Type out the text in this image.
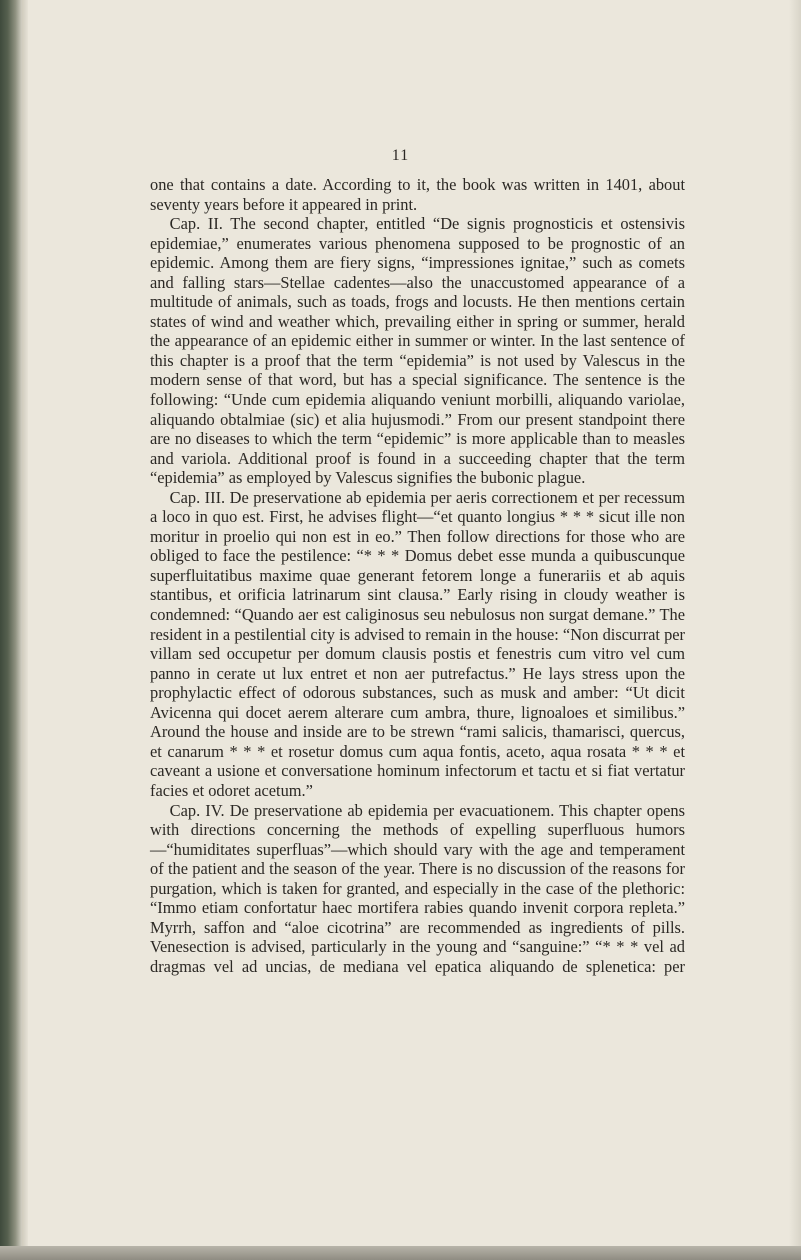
11

one that contains a date. According to it, the book was written in 1401, about seventy years before it appeared in print.

Cap. II. The second chapter, entitled “De signis prognosticis et ostensivis epidemiae,” enumerates various phenomena supposed to be prognostic of an epidemic. Among them are fiery signs, “impressiones ignitae,” such as comets and falling stars—Stellae cadentes—also the unaccustomed appearance of a multitude of animals, such as toads, frogs and locusts. He then mentions certain states of wind and weather which, prevailing either in spring or summer, herald the appearance of an epidemic either in summer or winter. In the last sentence of this chapter is a proof that the term “epidemia” is not used by Valescus in the modern sense of that word, but has a special significance. The sentence is the following: “Unde cum epidemia aliquando veniunt morbilli, aliquando variolae, aliquando obtalmiae (sic) et alia hujusmodi.” From our present standpoint there are no diseases to which the term “epidemic” is more applicable than to measles and variola. Additional proof is found in a succeeding chapter that the term “epidemia” as employed by Valescus signifies the bubonic plague.

Cap. III. De preservatione ab epidemia per aeris correctionem et per recessum a loco in quo est. First, he advises flight—“et quanto longius * * * sicut ille non moritur in proelio qui non est in eo.” Then follow directions for those who are obliged to face the pestilence: “* * * Domus debet esse munda a quibuscunque superfluitatibus maxime quae generant fetorem longe a funerariis et ab aquis stantibus, et orificia latrinarum sint clausa.” Early rising in cloudy weather is condemned: “Quando aer est caliginosus seu nebulosus non surgat demane.” The resident in a pestilential city is advised to remain in the house: “Non discurrat per villam sed occupetur per domum clausis postis et fenestris cum vitro vel cum panno in cerate ut lux entret et non aer putrefactus.” He lays stress upon the prophylactic effect of odorous substances, such as musk and amber: “Ut dicit Avicenna qui docet aerem alterare cum ambra, thure, lignoaloes et similibus.” Around the house and inside are to be strewn “rami salicis, thamarisci, quercus, et canarum * * * et rosetur domus cum aqua fontis, aceto, aqua rosata * * * et caveant a usione et conversatione hominum infectorum et tactu et si fiat vertatur facies et odoret acetum.”

Cap. IV. De preservatione ab epidemia per evacuationem. This chapter opens with directions concerning the methods of expelling superfluous humors—“humiditates superfluas”—which should vary with the age and temperament of the patient and the season of the year. There is no discussion of the reasons for purgation, which is taken for granted, and especially in the case of the plethoric: “Immo etiam confortatur haec mortifera rabies quando invenit corpora repleta.” Myrrh, saffon and “aloe cicotrina” are recommended as ingredients of pills. Venesection is advised, particularly in the young and “sanguine:” “* * * vel ad dragmas vel ad uncias, de mediana vel epatica aliquando de splenetica: per
